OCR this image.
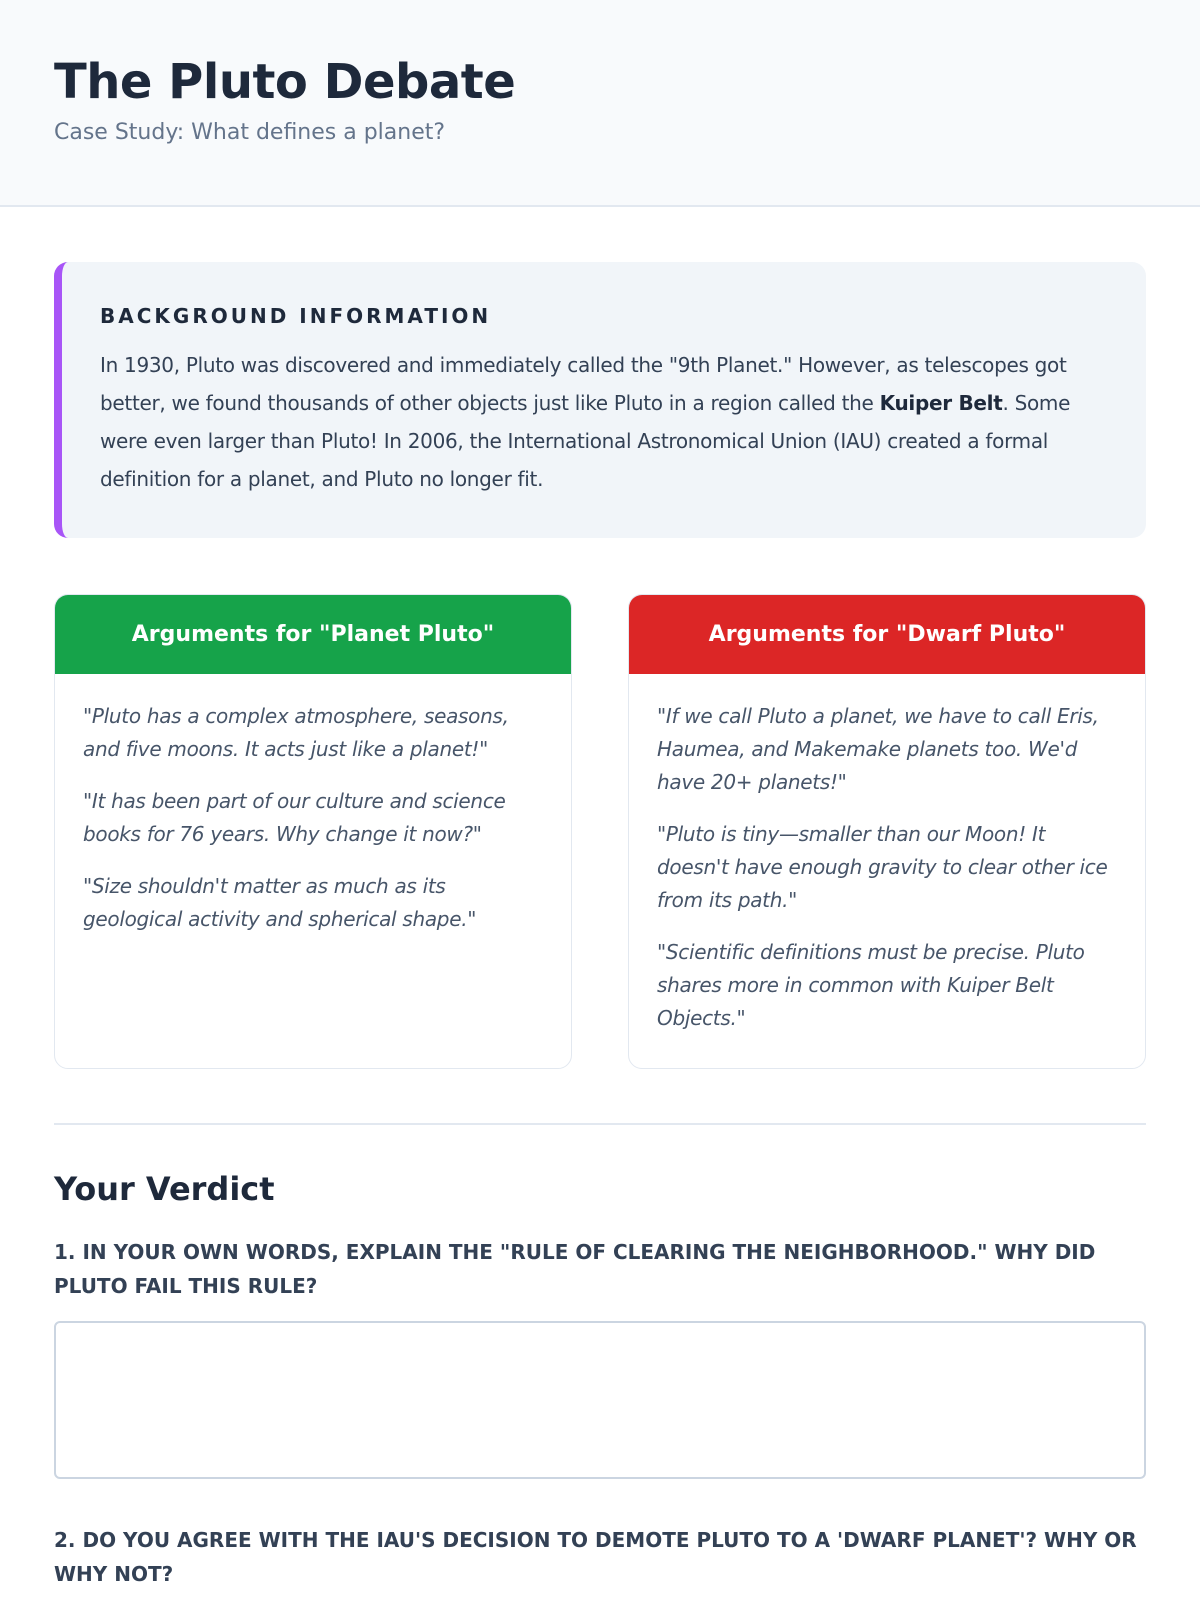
The Pluto Debate

Case Study: What defines a planet?

BACKGROUND INFORMATION

In 1930, Pluto was discovered and immediately called the "9th Planet." However, as telescopes got better, we found thousands of other objects just like Pluto in a region called the Kuiper Belt. Some were even larger than Pluto! In 2006, the International Astronomical Union (IAU) created a formal definition for a planet, and Pluto no longer fit.

Arguments for "Planet Pluto"

"Pluto has a complex atmosphere, seasons, and five moons. It acts just like a planet!"

"It has been part of our culture and science books for 76 years. Why change it now?"

"Size shouldn't matter as much as its geological activity and spherical shape."

Arguments for "Dwarf Pluto"

"If we call Pluto a planet, we have to call Eris, Haumea, and Makemake planets too. We'd have 20+ planets!"

"Pluto is tiny—smaller than our Moon! It doesn't have enough gravity to clear other ice from its path."

"Scientific definitions must be precise. Pluto shares more in common with Kuiper Belt Objects."

Your Verdict

1. IN YOUR OWN WORDS, EXPLAIN THE "RULE OF CLEARING THE NEIGHBORHOOD." WHY DID PLUTO FAIL THIS RULE?

2. DO YOU AGREE WITH THE IAU'S DECISION TO DEMOTE PLUTO TO A 'DWARF PLANET'? WHY OR WHY NOT?
